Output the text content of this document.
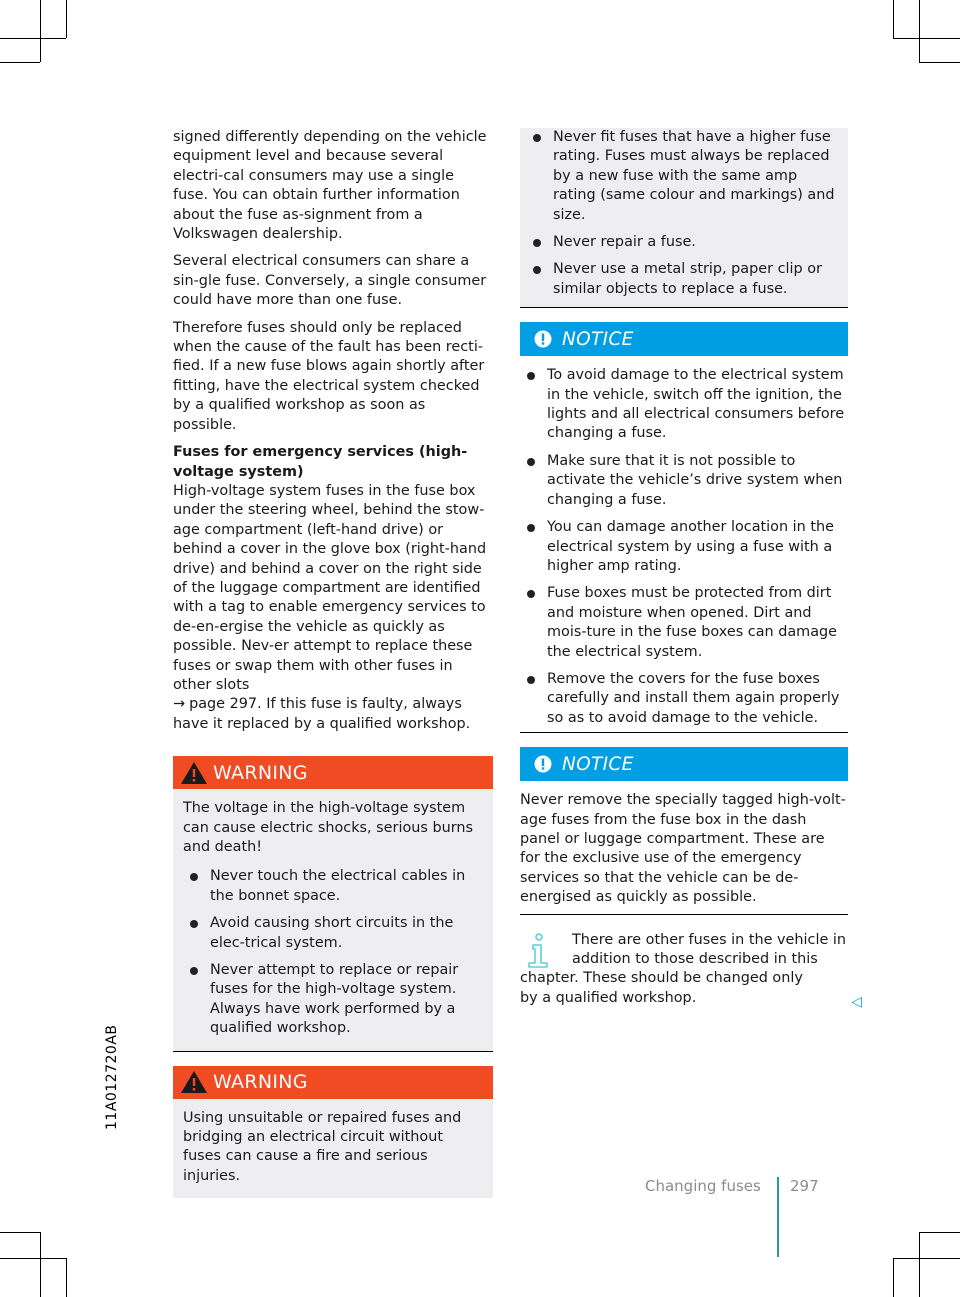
11A012720AB

signed differently depending on the vehicle equipment level and because several electri-cal consumers may use a single fuse. You can obtain further information about the fuse as-signment from a Volkswagen dealership.

Several electrical consumers can share a sin-gle fuse. Conversely, a single consumer could have more than one fuse.

Therefore fuses should only be replaced when the cause of the fault has been recti-fied. If a new fuse blows again shortly after fitting, have the electrical system checked by a qualified workshop as soon as possible.

Fuses for emergency services (high-voltage system)

High-voltage system fuses in the fuse box under the steering wheel, behind the stow-age compartment (left-hand drive) or behind a cover in the glove box (right-hand drive) and behind a cover on the right side of the luggage compartment are identified with a tag to enable emergency services to de-en-ergise the vehicle as quickly as possible. Nev-er attempt to replace these fuses or swap them with other fuses in other slots

→ page 297. If this fuse is faulty, always have it replaced by a qualified workshop.

WARNING

The voltage in the high-voltage system can cause electric shocks, serious burns and death!

Never touch the electrical cables in the bonnet space.
Avoid causing short circuits in the elec-trical system.
Never attempt to replace or repair fuses for the high-voltage system. Always have work performed by a qualified workshop.
WARNING

Using unsuitable or repaired fuses and bridging an electrical circuit without fuses can cause a fire and serious injuries.

Never fit fuses that have a higher fuse rating. Fuses must always be replaced by a new fuse with the same amp rating (same colour and markings) and size.
Never repair a fuse.
Never use a metal strip, paper clip or similar objects to replace a fuse.
NOTICE
To avoid damage to the electrical system in the vehicle, switch off the ignition, the lights and all electrical consumers before changing a fuse.
Make sure that it is not possible to activate the vehicle’s drive system when changing a fuse.
You can damage another location in the electrical system by using a fuse with a higher amp rating.
Fuse boxes must be protected from dirt and moisture when opened. Dirt and mois-ture in the fuse boxes can damage the electrical system.
Remove the covers for the fuse boxes carefully and install them again properly so as to avoid damage to the vehicle.
NOTICE

Never remove the specially tagged high-volt-age fuses from the fuse box in the dash panel or luggage compartment. These are for the exclusive use of the emergency services so that the vehicle can be de-energised as quickly as possible.

There are other fuses in the vehicle in

addition to those described in this

chapter. These should be changed only by a qualified workshop.	◁
Changing fuses 297
